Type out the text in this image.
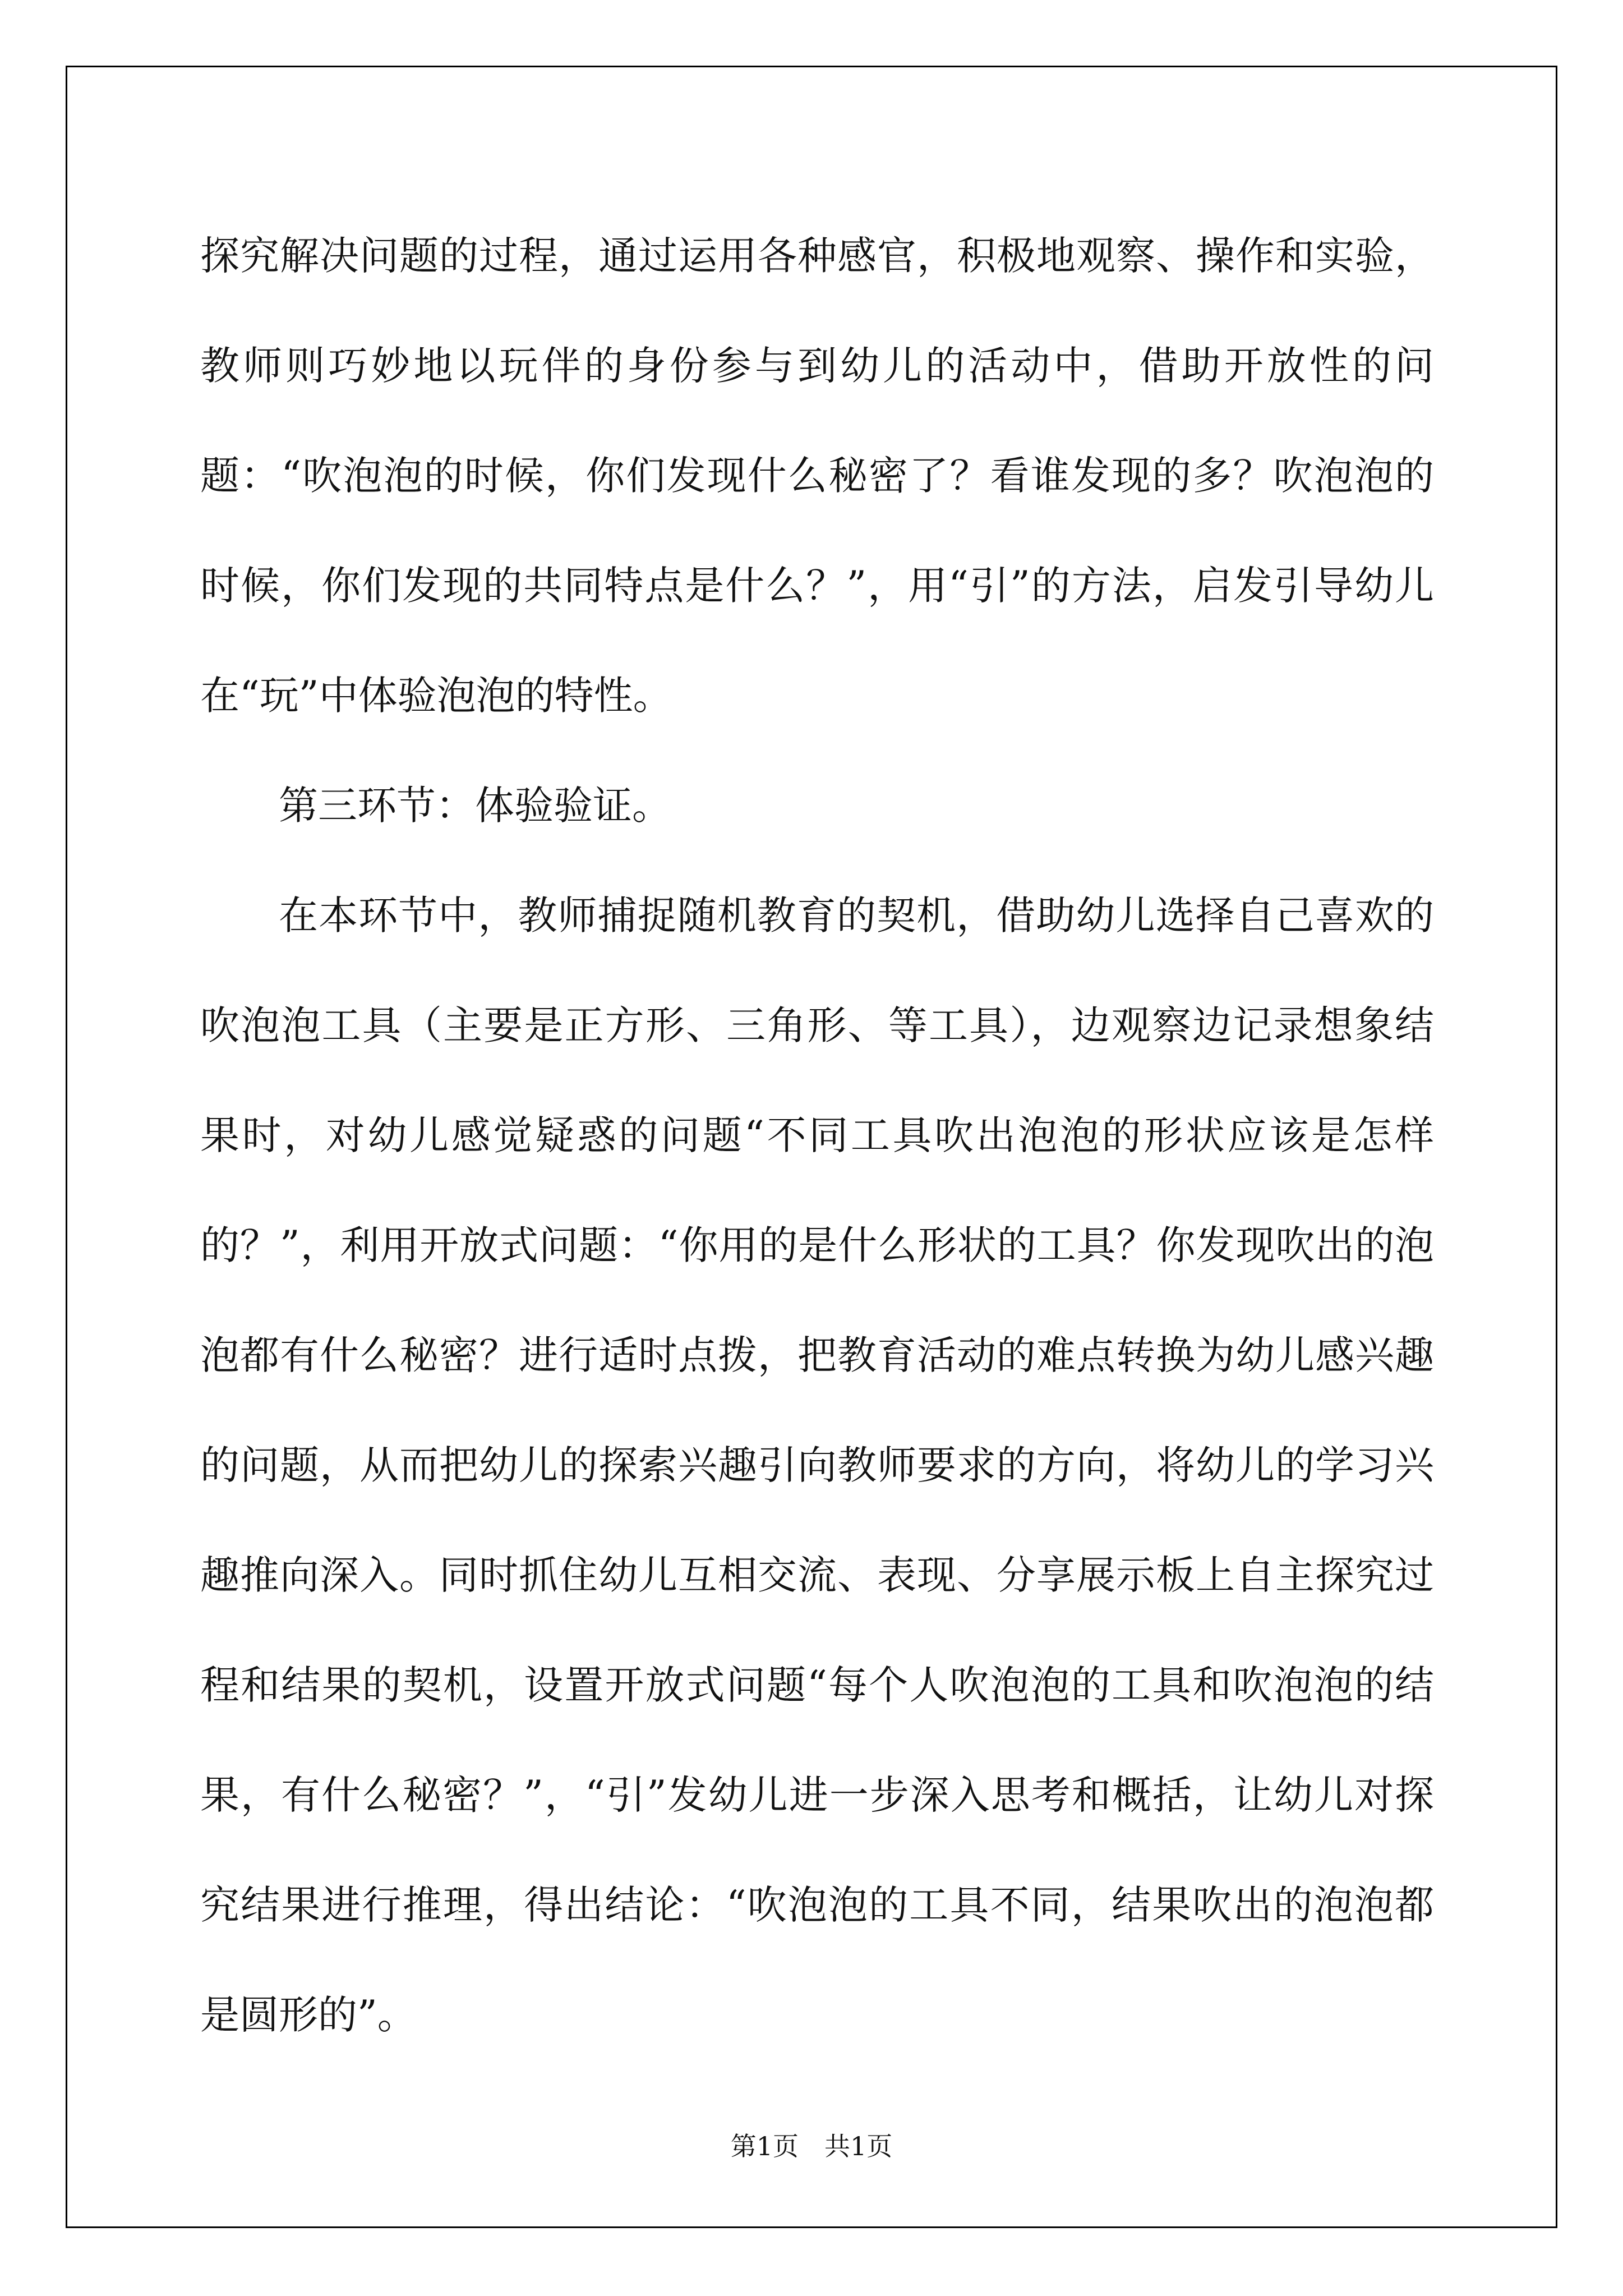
探究解决问题的过程，通过运用各种感官，积极地观察、操作和实验，教师则巧妙地以玩伴的身份参与到幼儿的活动中，借助开放性的问题：“吹泡泡的时候，你们发现什么秘密了？看谁发现的多？吹泡泡的时候，你们发现的共同特点是什么？”，用“引”的方法，启发引导幼儿在“玩”中体验泡泡的特性。

第三环节：体验验证。

在本环节中，教师捕捉随机教育的契机，借助幼儿选择自己喜欢的吹泡泡工具（主要是正方形、三角形、等工具），边观察边记录想象结果时，对幼儿感觉疑惑的问题“不同工具吹出泡泡的形状应该是怎样的？”，利用开放式问题：“你用的是什么形状的工具？你发现吹出的泡泡都有什么秘密？进行适时点拨，把教育活动的难点转换为幼儿感兴趣的问题，从而把幼儿的探索兴趣引向教师要求的方向，将幼儿的学习兴趣推向深入。同时抓住幼儿互相交流、表现、分享展示板上自主探究过程和结果的契机，设置开放式问题“每个人吹泡泡的工具和吹泡泡的结果，有什么秘密？”，“引”发幼儿进一步深入思考和概括，让幼儿对探究结果进行推理，得出结论：“吹泡泡的工具不同，结果吹出的泡泡都是圆形的”。

第1页　共1页
